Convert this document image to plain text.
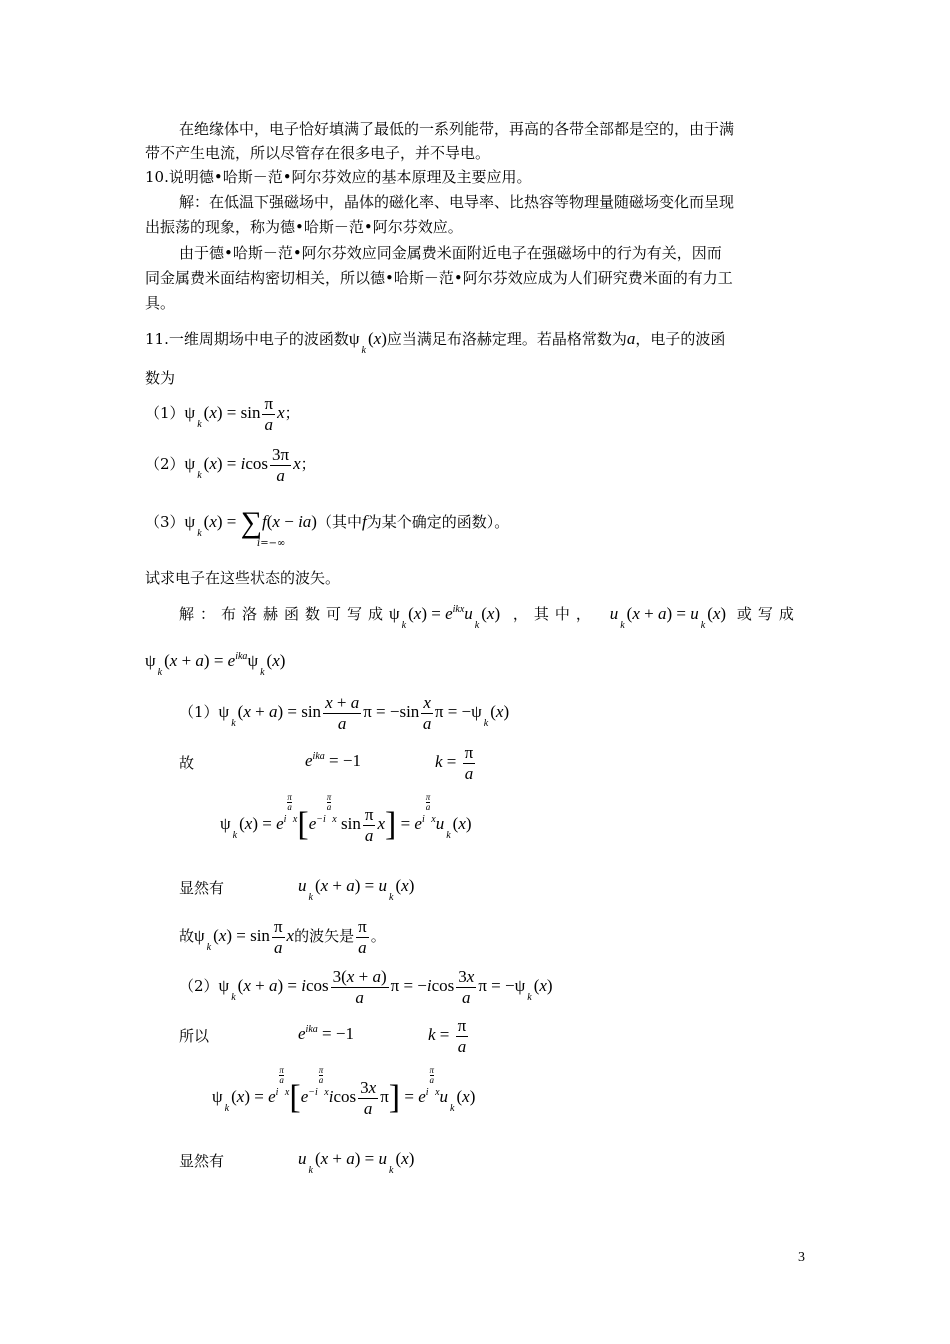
在绝缘体中，电子恰好填满了最低的一系列能带，再高的各带全部都是空的，由于满
带不产生电流，所以尽管存在很多电子，并不导电。
10.说明德•哈斯－范•阿尔芬效应的基本原理及主要应用。
解：在低温下强磁场中，晶体的磁化率、电导率、比热容等物理量随磁场变化而呈现
出振荡的现象，称为德•哈斯－范•阿尔芬效应。
由于德•哈斯－范•阿尔芬效应同金属费米面附近电子在强磁场中的行为有关，因而
同金属费米面结构密切相关，所以德•哈斯－范•阿尔芬效应成为人们研究费米面的有力工
具。
11.一维周期场中电子的波函数$\psi_k(x)$应当满足布洛赫定理。若晶格常数为a，电子的波函
数为
$(1)\psi_k(x) = \sin \frac{\pi}{a}$ x；
$(2)\psi_k(x) = icos \frac{3\pi}{a}$ x；
$(3)\psi_k(x) = \sum f(x - ia)$（其中f为某个确定的函数）。
i=−∞
试求电子在这些状态的波矢。
解：布洛赫函数可写成$\psi_k(x) = e^{ikx}u_k(x)$ ，其中， $u_k(x + a) = u_k(x)$ 或写成
$\psi_k(x + a) = e^{ika}\psi_k(x)$
$(1)\psi_k(x + a) = \sin \frac{x + a}{a}$ $\pi = -\sin \frac{x}{a}$ $\pi = -\psi_k(x)$
故	$e^{ika} = -1$	$k = \frac{\pi}{a}$
$\psi_k(x) = e^{i \frac{\pi}{a} x}[e^{-i \frac{\pi}{a} x}$ $\sin \frac{\pi}{a} x] = e^{i \frac{\pi}{a} x}u_k(x)$
显然有	$u_k(x + a) = u_k(x)$
故$\psi_k(x) = \sin \frac{\pi}{a}$ x的波矢是 $\frac{\pi}{a}$ 。
$(2)\psi_k(x + a) = icos \frac{3(x + a)}{a}$ $\pi = -icos \frac{3x}{a}$ $\pi = -\psi_k(x)$
所以	$e^{ika} = -1$	$k = \frac{\pi}{a}$
$\psi_k(x) = e^{i \frac{\pi}{a} x}[e^{-i \frac{\pi}{a} x}icos \frac{3x}{a} \pi] = e^{i \frac{\pi}{a} x}u_k(x)$
显然有	$u_k(x + a) = u_k(x)$
3
